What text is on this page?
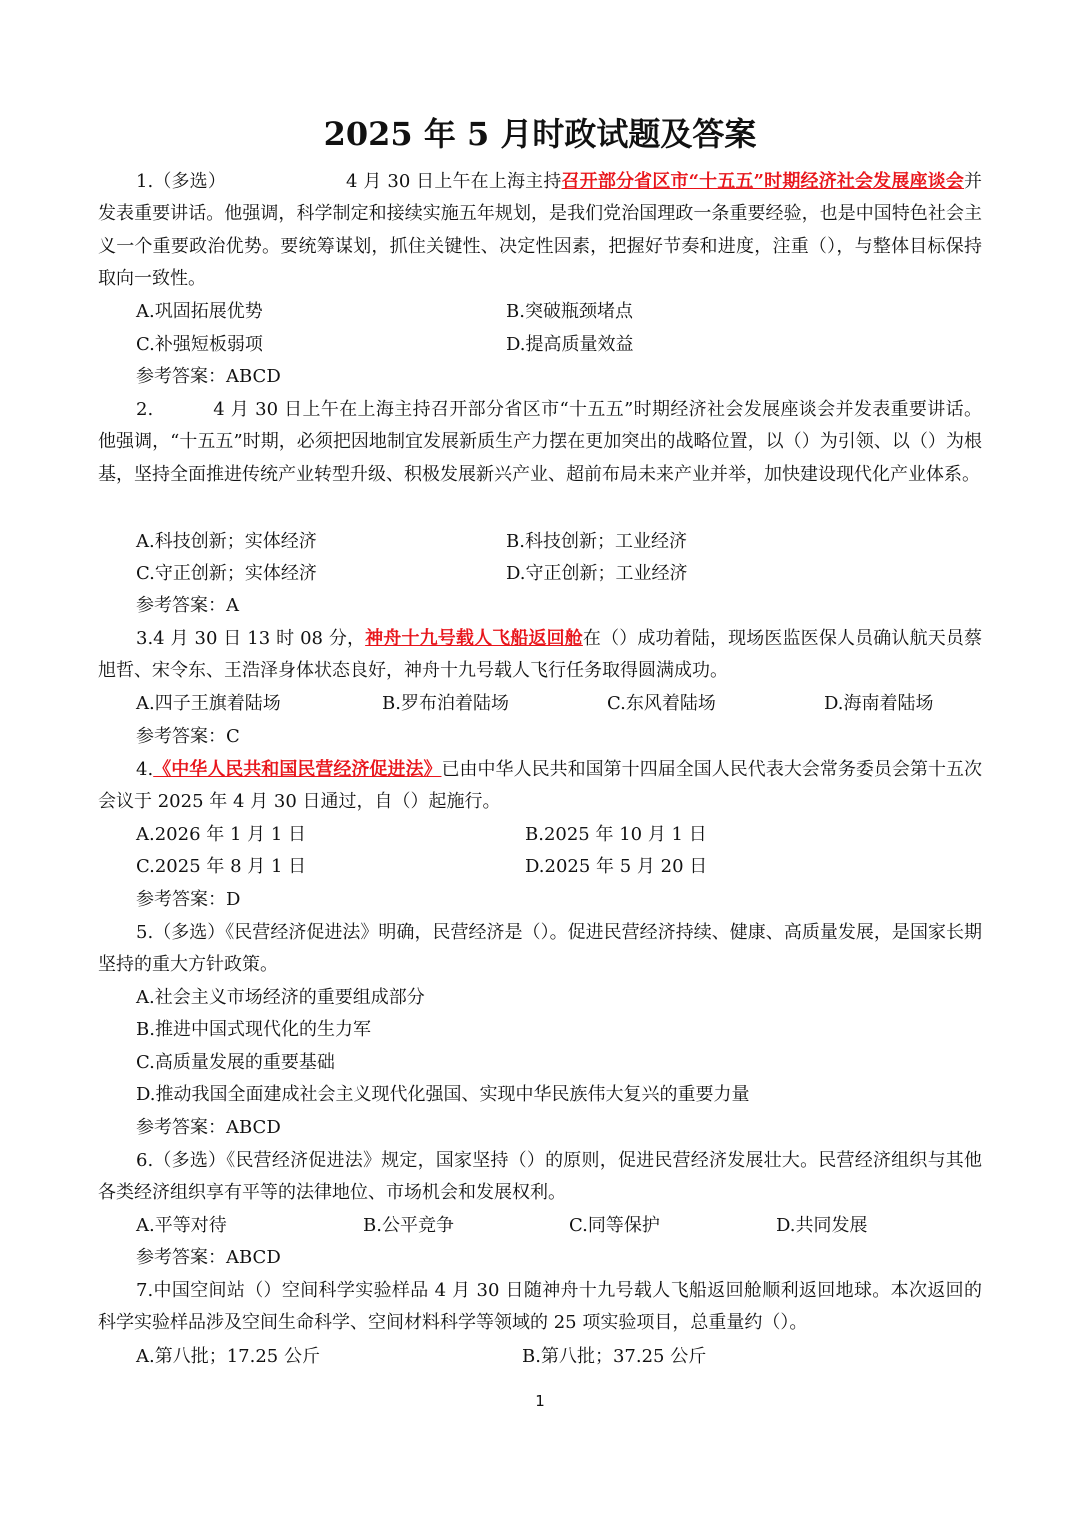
2025 年 5 月时政试题及答案
1.（多选）	4 月 30 日上午在上海主持召开部分省区市“十五五”时期经济社会发展座谈会并发表重要讲话。他强调，科学制定和接续实施五年规划，是我们党治国理政一条重要经验，也是中国特色社会主义一个重要政治优势。要统筹谋划，抓住关键性、决定性因素，把握好节奏和进度，注重（），与整体目标保持取向一致性。
A.巩固拓展优势	B.突破瓶颈堵点
C.补强短板弱项	D.提高质量效益
参考答案：ABCD
2.	4 月 30 日上午在上海主持召开部分省区市“十五五”时期经济社会发展座谈会并发表重要讲话。他强调，“十五五”时期，必须把因地制宜发展新质生产力摆在更加突出的战略位置，以（）为引领、以（）为根基，坚持全面推进传统产业转型升级、积极发展新兴产业、超前布局未来产业并举，加快建设现代化产业体系。
A.科技创新；实体经济	B.科技创新；工业经济
C.守正创新；实体经济	D.守正创新；工业经济
参考答案：A
3.4 月 30 日 13 时 08 分，神舟十九号载人飞船返回舱在（）成功着陆，现场医监医保人员确认航天员蔡旭哲、宋令东、王浩泽身体状态良好，神舟十九号载人飞行任务取得圆满成功。
A.四子王旗着陆场	B.罗布泊着陆场	C.东风着陆场	D.海南着陆场
参考答案：C
4.《中华人民共和国民营经济促进法》已由中华人民共和国第十四届全国人民代表大会常务委员会第十五次会议于 2025 年 4 月 30 日通过，自（）起施行。
A.2026 年 1 月 1 日	B.2025 年 10 月 1 日
C.2025 年 8 月 1 日	D.2025 年 5 月 20 日
参考答案：D
5.（多选）《民营经济促进法》明确，民营经济是（）。促进民营经济持续、健康、高质量发展，是国家长期坚持的重大方针政策。
A.社会主义市场经济的重要组成部分
B.推进中国式现代化的生力军
C.高质量发展的重要基础
D.推动我国全面建成社会主义现代化强国、实现中华民族伟大复兴的重要力量
参考答案：ABCD
6.（多选）《民营经济促进法》规定，国家坚持（）的原则，促进民营经济发展壮大。民营经济组织与其他各类经济组织享有平等的法律地位、市场机会和发展权利。
A.平等对待	B.公平竞争	C.同等保护	D.共同发展
参考答案：ABCD
7.中国空间站（）空间科学实验样品 4 月 30 日随神舟十九号载人飞船返回舱顺利返回地球。本次返回的科学实验样品涉及空间生命科学、空间材料科学等领域的 25 项实验项目，总重量约（）。
A.第八批；17.25 公斤	B.第八批；37.25 公斤
1
